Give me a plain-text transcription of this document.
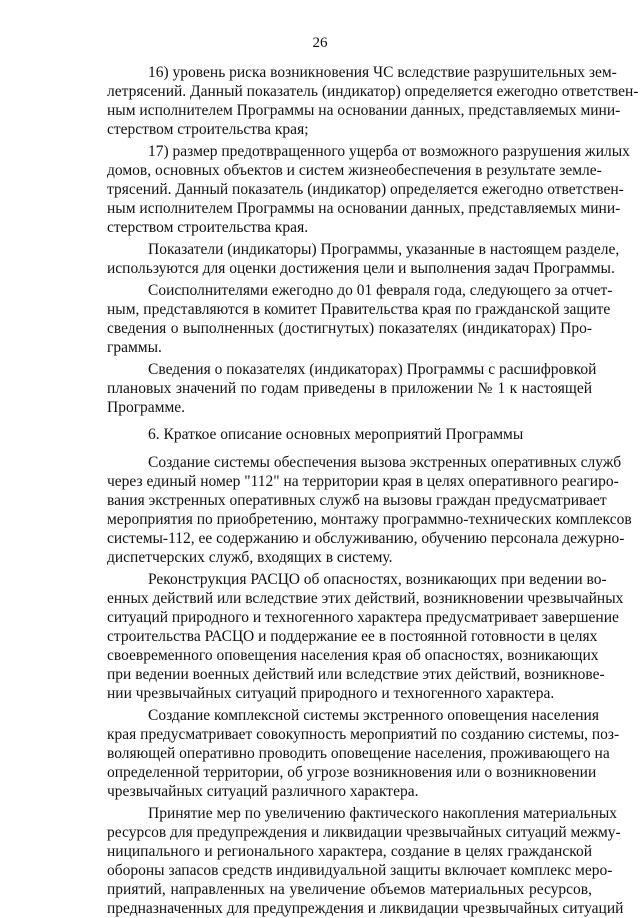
26
16) уровень риска возникновения ЧС вследствие разрушительных зем-
летрясений. Данный показатель (индикатор) определяется ежегодно ответствен-
ным исполнителем Программы на основании данных, представляемых мини-
стерством строительства края;
17) размер предотвращенного ущерба от возможного разрушения жилых
домов, основных объектов и систем жизнеобеспечения в результате земле-
трясений. Данный показатель (индикатор) определяется ежегодно ответствен-
ным исполнителем Программы на основании данных, представляемых мини-
стерством строительства края.
Показатели (индикаторы) Программы, указанные в настоящем разделе,
используются для оценки достижения цели и выполнения задач Программы.
Соисполнителями ежегодно до 01 февраля года, следующего за отчет-
ным, представляются в комитет Правительства края по гражданской защите
сведения о выполненных (достигнутых) показателях (индикаторах) Про-
граммы.
Сведения о показателях (индикаторах) Программы с расшифровкой
плановых значений по годам приведены в приложении № 1 к настоящей
Программе.
6. Краткое описание основных мероприятий Программы
Создание системы обеспечения вызова экстренных оперативных служб
через единый номер "112" на территории края в целях оперативного реагиро-
вания экстренных оперативных служб на вызовы граждан предусматривает
мероприятия по приобретению, монтажу программно-технических комплексов
системы-112, ее содержанию и обслуживанию, обучению персонала дежурно-
диспетчерских служб, входящих в систему.
Реконструкция РАСЦО об опасностях, возникающих при ведении во-
енных действий или вследствие этих действий, возникновении чрезвычайных
ситуаций природного и техногенного характера предусматривает завершение
строительства РАСЦО и поддержание ее в постоянной готовности в целях
своевременного оповещения населения края об опасностях, возникающих
при ведении военных действий или вследствие этих действий, возникнове-
нии чрезвычайных ситуаций природного и техногенного характера.
Создание комплексной системы экстренного оповещения населения
края предусматривает совокупность мероприятий по созданию системы, поз-
воляющей оперативно проводить оповещение населения, проживающего на
определенной территории, об угрозе возникновения или о возникновении
чрезвычайных ситуаций различного характера.
Принятие мер по увеличению фактического накопления материальных
ресурсов для предупреждения и ликвидации чрезвычайных ситуаций межму-
ниципального и регионального характера, создание в целях гражданской
обороны запасов средств индивидуальной защиты включает комплекс меро-
приятий, направленных на увеличение объемов материальных ресурсов,
предназначенных для предупреждения и ликвидации чрезвычайных ситуаций
